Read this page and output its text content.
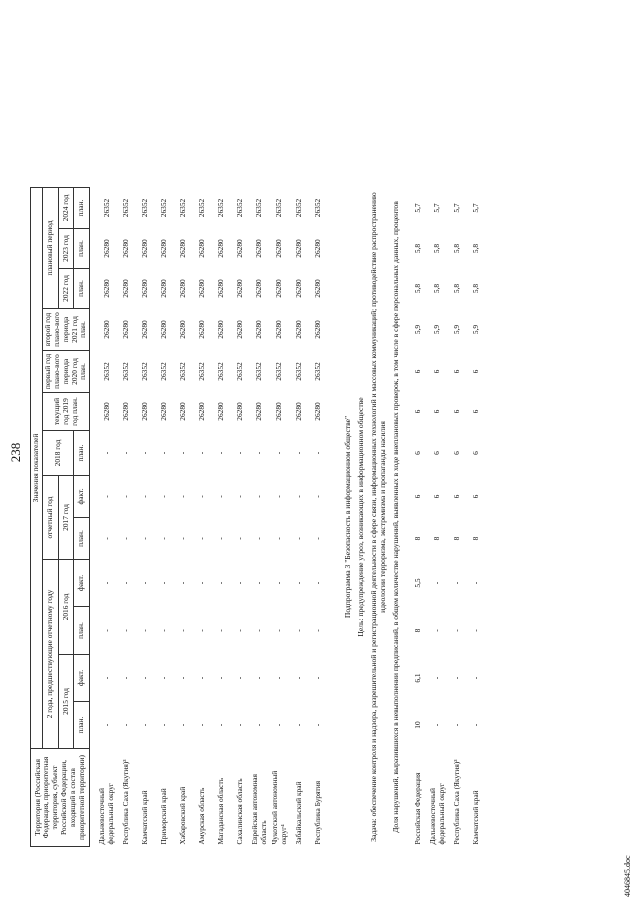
238
Территория (Российская Федерация, приоритетная территория, субъект Российской Федерации, входящий в состав приоритетной территории)	Значения показателей												
	2 года, предшествующие отчетному году				отчетный год		2018 год	текущий год 2019 год план.	первый год плано-вого периода 2020 год план.	второй год плано-вого периода 2021 год план.	плановый период		
	2015 год		2016 год		2017 год						2022 год	2023 год	2024 год
	план.	факт.	план.	факт.	план.	факт.	план.				план.	план.	план.
Дальневосточный федеральный округ	-	-	-	-	-	-	-	26280	26352	26280	26280	26280	26352
Республика Саха (Якутия)³	-	-	-	-	-	-	-	26280	26352	26280	26280	26280	26352
Камчатский край	-	-	-	-	-	-	-	26280	26352	26280	26280	26280	26352
Приморский край	-	-	-	-	-	-	-	26280	26352	26280	26280	26280	26352
Хабаровский край	-	-	-	-	-	-	-	26280	26352	26280	26280	26280	26352
Амурская область	-	-	-	-	-	-	-	26280	26352	26280	26280	26280	26352
Магаданская область	-	-	-	-	-	-	-	26280	26352	26280	26280	26280	26352
Сахалинская область	-	-	-	-	-	-	-	26280	26352	26280	26280	26280	26352
Еврейская автономная область	-	-	-	-	-	-	-	26280	26352	26280	26280	26280	26352
Чукотский автономный округ⁴	-	-	-	-	-	-	-	26280	26352	26280	26280	26280	26352
Забайкальский край	-	-	-	-	-	-	-	26280	26352	26280	26280	26280	26352
Республика Бурятия	-	-	-	-	-	-	-	26280	26352	26280	26280	26280	26352

Подпрограмма 3 "Безопасность в информационном обществе"													
Цель: предупреждение угроз, возникающих в информационном обществе													
Задача: обеспечение контроля и надзора, разрешительной и регистрационной деятельности в сфере связи, информационных технологий и массовых коммуникаций; противодействие распространению идеологии терроризма, экстремизма и пропаганды насилия													
Доля нарушений, выразившихся в невыполнении предписаний, в общем количестве нарушений, выявленных в ходе внеплановых проверок, в том числе в сфере персональных данных, процентов													
Российская Федерация	10	6,1	8	5,5	8	6	6	6	6	5,9	5,8	5,8	5,7
Дальневосточный федеральный округ	-	-	-	-	8	6	6	6	6	5,9	5,8	5,8	5,7
Республика Саха (Якутия)³	-	-	-	-	8	6	6	6	6	5,9	5,8	5,8	5,7
Камчатский край	-	-	-	-	8	6	6	6	6	5,9	5,8	5,8	5,7
4046845.doc
